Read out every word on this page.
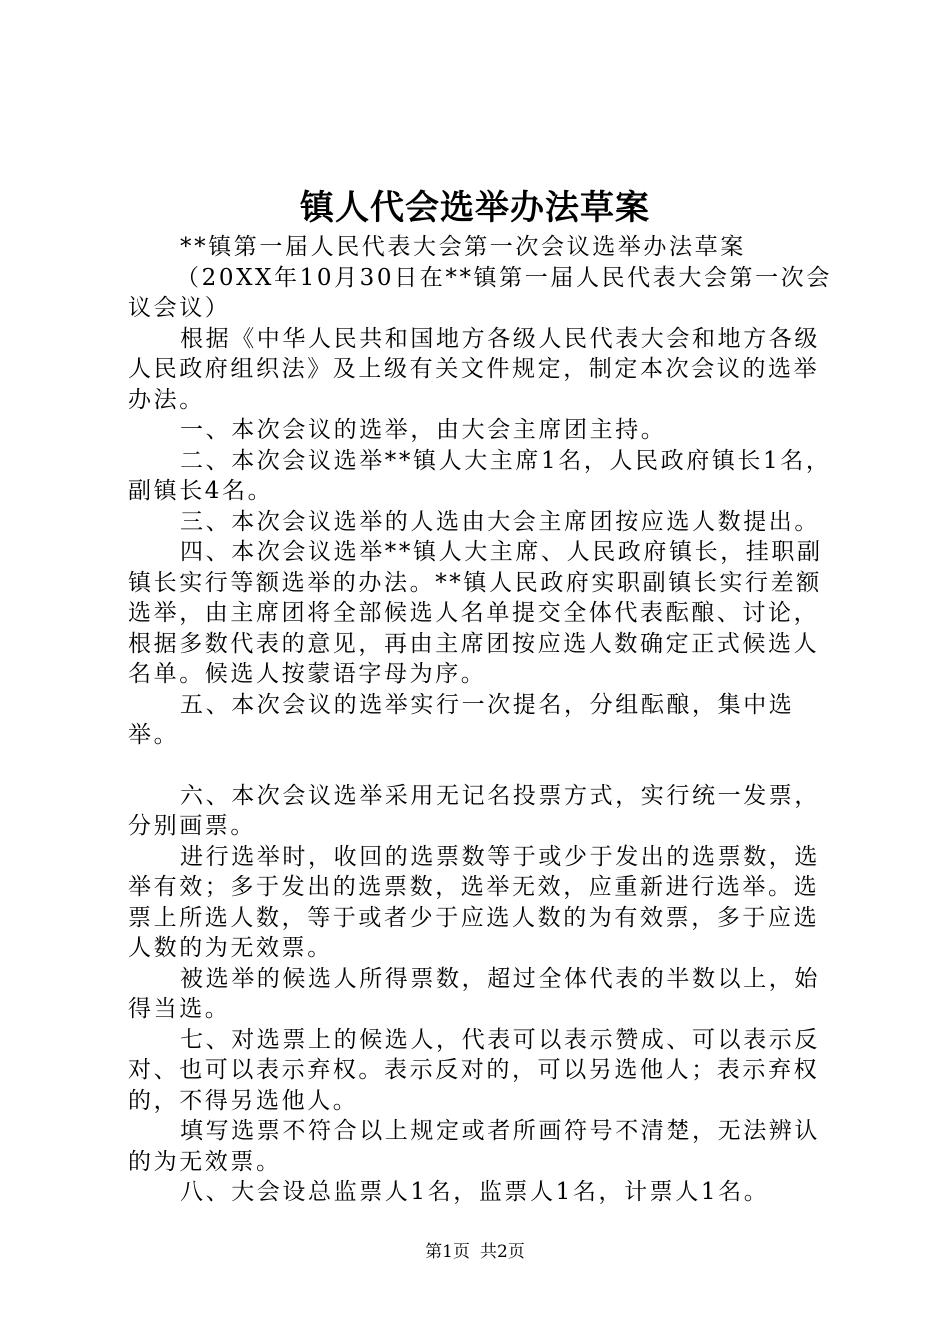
镇人代会选举办法草案

**镇第一届人民代表大会第一次会议选举办法草案

（20XX年10月30日在**镇第一届人民代表大会第一次会议会议）

根据《中华人民共和国地方各级人民代表大会和地方各级人民政府组织法》及上级有关文件规定，制定本次会议的选举办法。

一、本次会议的选举，由大会主席团主持。

二、本次会议选举**镇人大主席1名，人民政府镇长1名，副镇长4名。

三、本次会议选举的人选由大会主席团按应选人数提出。

四、本次会议选举**镇人大主席、人民政府镇长，挂职副镇长实行等额选举的办法。**镇人民政府实职副镇长实行差额选举，由主席团将全部候选人名单提交全体代表酝酿、讨论，根据多数代表的意见，再由主席团按应选人数确定正式候选人名单。候选人按蒙语字母为序。

五、本次会议的选举实行一次提名，分组酝酿，集中选举。

六、本次会议选举采用无记名投票方式，实行统一发票，分别画票。

进行选举时，收回的选票数等于或少于发出的选票数，选举有效；多于发出的选票数，选举无效，应重新进行选举。选票上所选人数，等于或者少于应选人数的为有效票，多于应选人数的为无效票。

被选举的候选人所得票数，超过全体代表的半数以上，始得当选。

七、对选票上的候选人，代表可以表示赞成、可以表示反对、也可以表示弃权。表示反对的，可以另选他人；表示弃权的，不得另选他人。

填写选票不符合以上规定或者所画符号不清楚，无法辨认的为无效票。

八、大会设总监票人1名，监票人1名，计票人1名。

第1页 共2页
